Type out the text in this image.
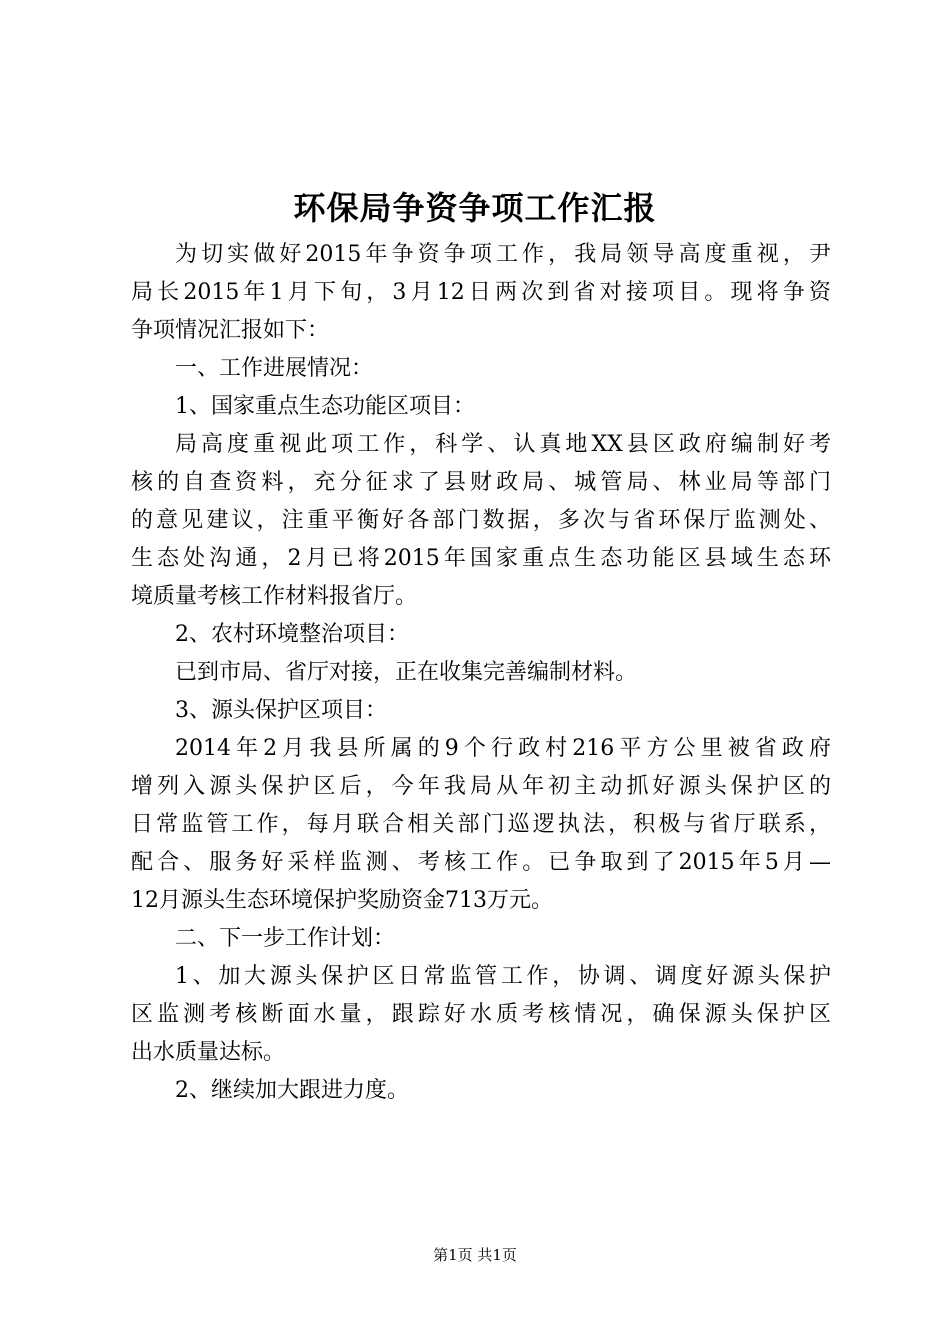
环保局争资争项工作汇报
为切实做好2015年争资争项工作，我局领导高度重视，尹
局长2015年1月下旬，3月12日两次到省对接项目。现将争资
争项情况汇报如下：
一、工作进展情况：
1、国家重点生态功能区项目：
局高度重视此项工作，科学、认真地XX县区政府编制好考
核的自查资料，充分征求了县财政局、城管局、林业局等部门
的意见建议，注重平衡好各部门数据，多次与省环保厅监测处、
生态处沟通，2月已将2015年国家重点生态功能区县域生态环
境质量考核工作材料报省厅。
2、农村环境整治项目：
已到市局、省厅对接，正在收集完善编制材料。
3、源头保护区项目：
2014年2月我县所属的9个行政村216平方公里被省政府
增列入源头保护区后，今年我局从年初主动抓好源头保护区的
日常监管工作，每月联合相关部门巡逻执法，积极与省厅联系，
配合、服务好采样监测、考核工作。已争取到了2015年5月—
12月源头生态环境保护奖励资金713万元。
二、下一步工作计划：
1、加大源头保护区日常监管工作，协调、调度好源头保护
区监测考核断面水量，跟踪好水质考核情况，确保源头保护区
出水质量达标。
2、继续加大跟进力度。
第1页 共1页
